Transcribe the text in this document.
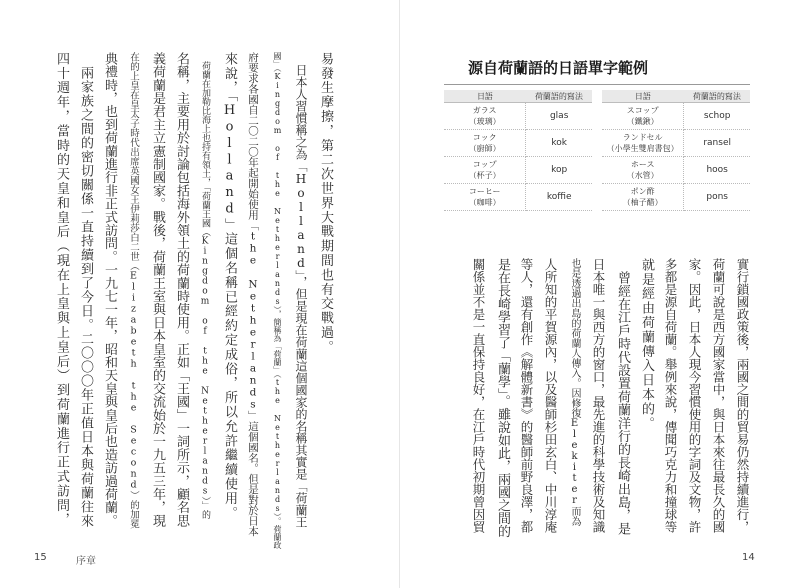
源自荷蘭語的日語單字範例
日語	荷蘭語的寫法

ガラス
（玻璃）	glas

コック
（廚師）	kok

コップ
（杯子）	kop

コーヒー
（咖啡）	koffie
日語	荷蘭語的寫法

スコップ
（鐵鍬）	schop

ランドセル
（小學生雙肩書包）	ransel

ホース
（水管）	hoos

ポン酢
（柚子醋）	pons
實行鎖國政策後，兩國之間的貿易仍然持續進行，
荷蘭可說是西方國家當中，與日本來往最長久的國
家。因此，日本人現今習慣使用的字詞及文物，許
多都是源自荷蘭。舉例來說，傳聞巧克力和撞球等
就是經由荷蘭傳入日本的。
　曾經在江戶時代設置荷蘭洋行的長崎出島，是
日本唯一與西方的窗口，最先進的科學技術及知識
也是透過出島的荷蘭人傳入。因修復Elekiter而為
人所知的平賀源內，以及醫師杉田玄白、中川淳庵
等人，還有創作《解體新書》的醫師前野良澤，都
是在長崎學習了「蘭學」。雖說如此，兩國之間的
關係並不是一直保持良好，在江戶時代初期曾因貿
14
易發生摩擦，第二次世界大戰期間也有交戰過。
　日本人習慣稱之為「Holland」，但是現在荷蘭這個國家的名稱其實是「荷蘭王
國」（Kingdom of the Netherlands），簡稱為「荷蘭」（the Netherlands）。荷蘭政
府要求各國自二〇二〇年起開始使用「the Netherlands」這個國名。但是對於日本
來說，「Holland」這個名稱已經約定成俗，所以允許繼續使用。
　荷蘭在加勒比海上也持有領土，「荷蘭王國（Kingdom of the Netherlands）」的
名稱，主要用於討論包括海外領土的荷蘭時使用。正如「王國」一詞所示，顧名思
義荷蘭是君主立憲制國家。戰後，荷蘭王室與日本皇室的交流始於一九五三年，現
在的上皇在皇太子時代出席英國女王伊莉莎白二世（Elizabeth the Second）的加冕
典禮時，也到荷蘭進行非正式訪問。一九七一年，昭和天皇與皇后也造訪過荷蘭。
　兩家族之間的密切關係一直持續到了今日。二〇〇〇年正值日本與荷蘭往來
四十週年，當時的天皇和皇后（現在上皇與上皇后）到荷蘭進行正式訪問，
15	序章
